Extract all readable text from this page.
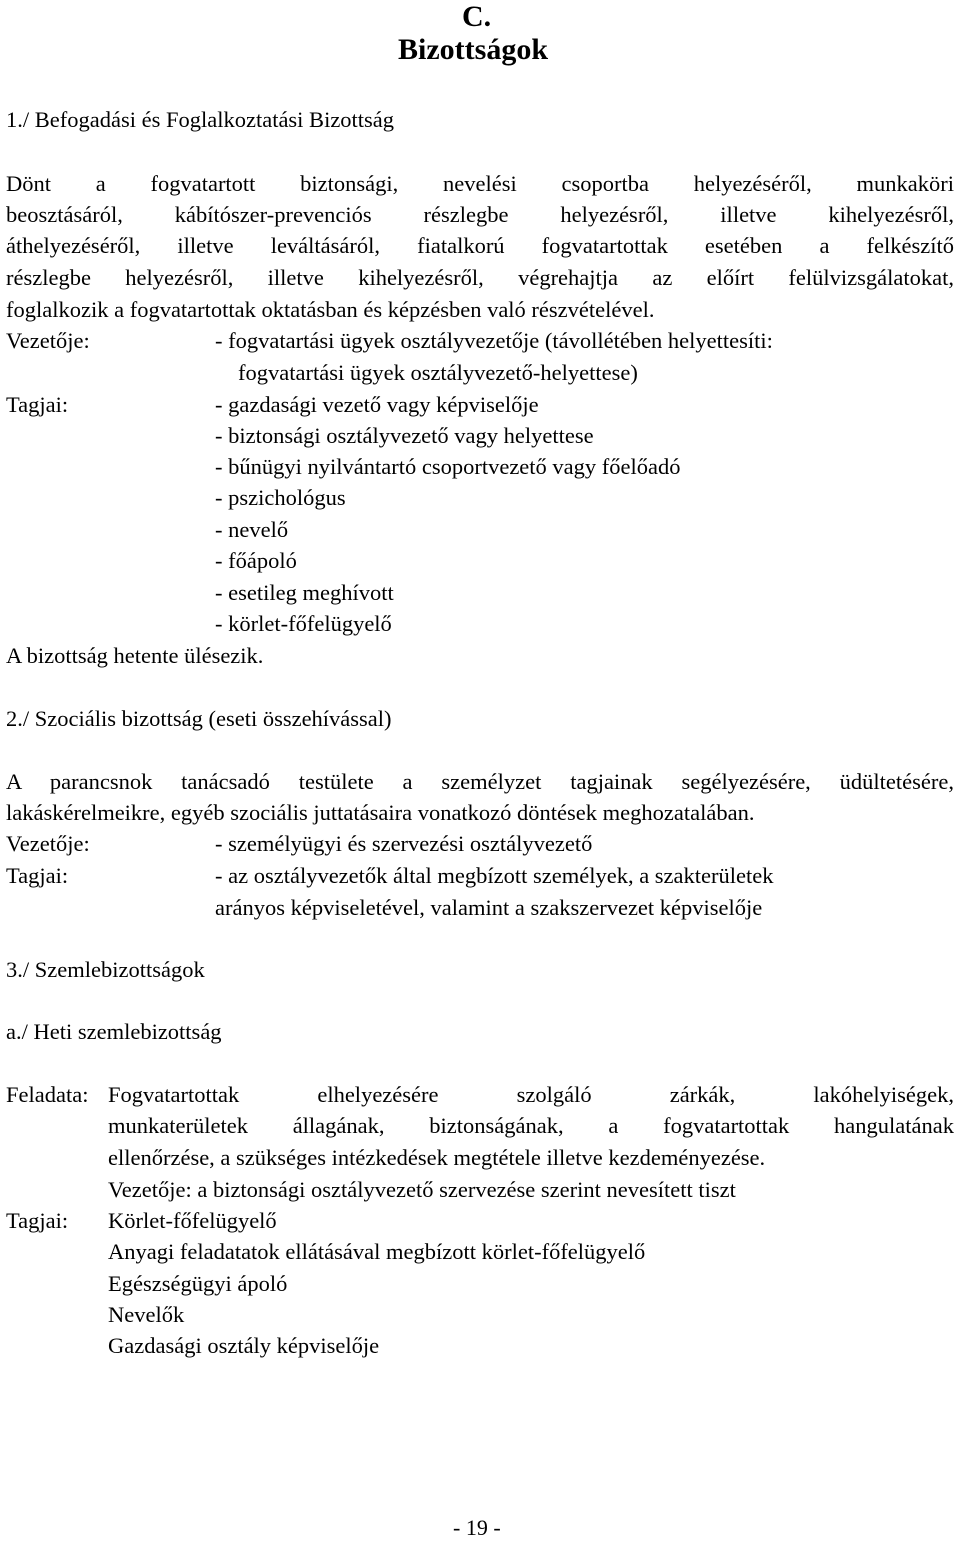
C.
Bizottságok
1./ Befogadási és Foglalkoztatási Bizottság
Dönt a fogvatartott biztonsági, nevelési csoportba helyezéséről, munkaköri
beosztásáról, kábítószer-prevenciós részlegbe helyezésről, illetve kihelyezésről,
áthelyezéséről, illetve leváltásáról, fiatalkorú fogvatartottak esetében a felkészítő
részlegbe helyezésről, illetve kihelyezésről, végrehajtja az előírt felülvizsgálatokat,
foglalkozik a fogvatartottak oktatásban és képzésben való részvételével.
Vezetője:	- fogvatartási ügyek osztályvezetője (távollétében helyettesíti:
fogvatartási ügyek osztályvezető-helyettese)
Tagjai:	- gazdasági vezető vagy képviselője
- biztonsági osztályvezető vagy helyettese
- bűnügyi nyilvántartó csoportvezető vagy főelőadó
- pszichológus
- nevelő
- főápoló
- esetileg meghívott
- körlet-főfelügyelő
A bizottság hetente ülésezik.
2./ Szociális bizottság (eseti összehívással)
A parancsnok tanácsadó testülete a személyzet tagjainak segélyezésére, üdültetésére,
lakáskérelmeikre, egyéb szociális juttatásaira vonatkozó döntések meghozatalában.
Vezetője:	- személyügyi és szervezési osztályvezető
Tagjai:	- az osztályvezetők által megbízott személyek, a szakterületek
arányos képviseletével, valamint a szakszervezet képviselője
3./ Szemlebizottságok
a./ Heti szemlebizottság
Feladata: Fogvatartottak elhelyezésére szolgáló zárkák, lakóhelyiségek,
munkaterületek állagának, biztonságának, a fogvatartottak hangulatának
ellenőrzése, a szükséges intézkedések megtétele illetve kezdeményezése.
Vezetője: a biztonsági osztályvezető szervezése szerint nevesített tiszt
Tagjai: Körlet-főfelügyelő
Anyagi feladatatok ellátásával megbízott körlet-főfelügyelő
Egészségügyi ápoló
Nevelők
Gazdasági osztály képviselője
- 19 -
